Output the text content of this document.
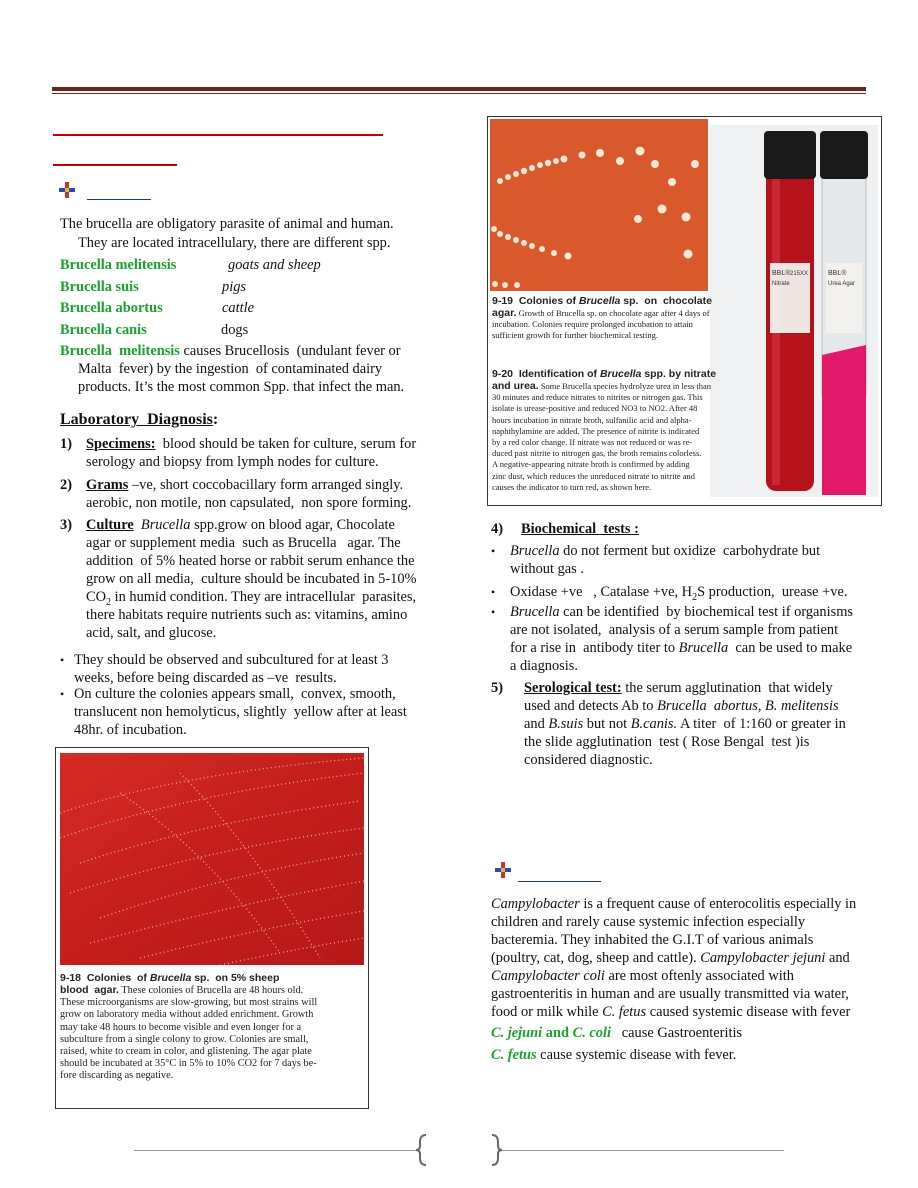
The brucella are obligatory parasite of animal and human.
They are located intracellulary, there are different spp.
Brucella melitensis	goats and sheep
Brucella suis	pigs
Brucella abortus	cattle
Brucella canis	dogs
Brucella  melitensis causes Brucellosis  (undulant fever or
Malta  fever) by the ingestion  of contaminated dairy
products. It’s the most common Spp. that infect the man.
Laboratory  Diagnosis:
1) Specimens:  blood should be taken for culture, serum for
serology and biopsy from lymph nodes for culture.
2) Grams –ve, short coccobacillary form arranged singly.
aerobic, non motile, non capsulated,  non spore forming.
3) Culture  Brucella spp.grow on blood agar, Chocolate
agar or supplement media  such as Brucella   agar. The
addition  of 5% heated horse or rabbit serum enhance the
grow on all media,  culture should be incubated in 5-10%
$CO_2$ in humid condition. They are intracellular  parasites,
there habitats require nutrients such as: vitamins, amino
acid, salt, and glucose.
• They should be observed and subcultured for at least 3
weeks, before being discarded as –ve  results.
• On culture the colonies appears small,  convex, smooth,
translucent non hemolyticus, slightly  yellow after at least
48hr. of incubation.
9-18  Colonies  of Brucella sp.  on 5% sheep
blood  agar. These colonies of Brucella are 48 hours old.
These microorganisms are slow-growing, but most strains will
grow on laboratory media without added enrichment. Growth
may take 48 hours to become visible and even longer for a
subculture from a single colony to grow. Colonies are small,
raised, white to cream in color, and glistening. The agar plate
should be incubated at 35°C in 5% to 10% CO2 for 7 days be-
fore discarding as negative.
BBL® 215XX
Nitrate
BBL®
Urea Agar
9-19  Colonies of Brucella sp.  on  chocolate
agar. Growth of Brucella sp. on chocolate agar after 4 days of
incubation. Colonies require prolonged incubation to attain
sufficient growth for further biochemical testing.
9-20  Identification of Brucella spp. by nitrate
and urea. Some Brucella species hydrolyze urea in less than
30 minutes and reduce nitrates to nitrites or nitrogen gas. This
isolate is urease-positive and reduced NO3 to NO2. After 48
hours incubation in nitrate broth, sulfanilic acid and alpha-
naphthylamine are added. The presence of nitrite is indicated
by a red color change. If nitrate was not reduced or was re-
duced past nitrite to nitrogen gas, the broth remains colorless.
A negative-appearing nitrate broth is confirmed by adding
zinc dust, which reduces the unreduced nitrate to nitrite and
causes the indicator to turn red, as shown here.
4) Biochemical  tests :
• Brucella do not ferment but oxidize  carbohydrate but
without gas .
• Oxidase +ve   , Catalase +ve, $H_2S$ production,  urease +ve.
• Brucella can be identified  by biochemical test if organisms
are not isolated,  analysis of a serum sample from patient
for a rise in  antibody titer to Brucella  can be used to make
a diagnosis.
5) Serological test: the serum agglutination  that widely
used and detects Ab to Brucella  abortus, B. melitensis
and B.suis but not B.canis. A titer  of 1:160 or greater in
the slide agglutination  test ( Rose Bengal  test )is
considered diagnostic.
Campylobacter is a frequent cause of enterocolitis especially in
children and rarely cause systemic infection especially
bacteremia. They inhabited the G.I.T of various animals
(poultry, cat, dog, sheep and cattle). Campylobacter jejuni and
Campylobacter coli are most oftenly associated with
gastroenteritis in human and are usually transmitted via water,
food or milk while C. fetus caused systemic disease with fever
C. jejuni and C. coli   cause Gastroenteritis
C. fetus cause systemic disease with fever.
